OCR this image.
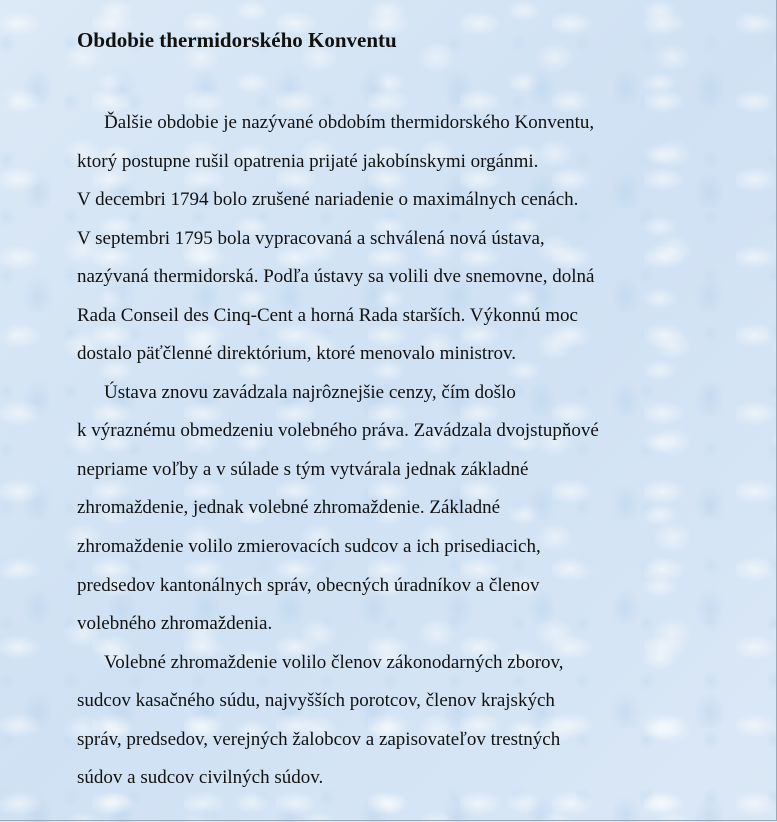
Obdobie thermidorského Konventu
Ďalšie obdobie je nazývané obdobím thermidorského Konventu,
ktorý postupne rušil opatrenia prijaté jakobínskymi orgánmi.
V decembri 1794 bolo zrušené nariadenie o maximálnych cenách.
V septembri 1795 bola vypracovaná a schválená nová ústava,
nazývaná thermidorská. Podľa ústavy sa volili dve snemovne, dolná
Rada Conseil des Cinq-Cent a horná Rada starších. Výkonnú moc
dostalo päťčlenné direktórium, ktoré menovalo ministrov.
Ústava znovu zavádzala najrôznejšie cenzy, čím došlo
k výraznému obmedzeniu volebného práva. Zavádzala dvojstupňové
nepriame voľby a v súlade s tým vytvárala jednak základné
zhromaždenie, jednak volebné zhromaždenie. Základné
zhromaždenie volilo zmierovacích sudcov a ich prisediacich,
predsedov kantonálnych správ, obecných úradníkov a členov
volebného zhromaždenia.
Volebné zhromaždenie volilo členov zákonodarných zborov,
sudcov kasačného súdu, najvyšších porotcov, členov krajských
správ, predsedov, verejných žalobcov a zapisovateľov trestných
súdov a sudcov civilných súdov.
